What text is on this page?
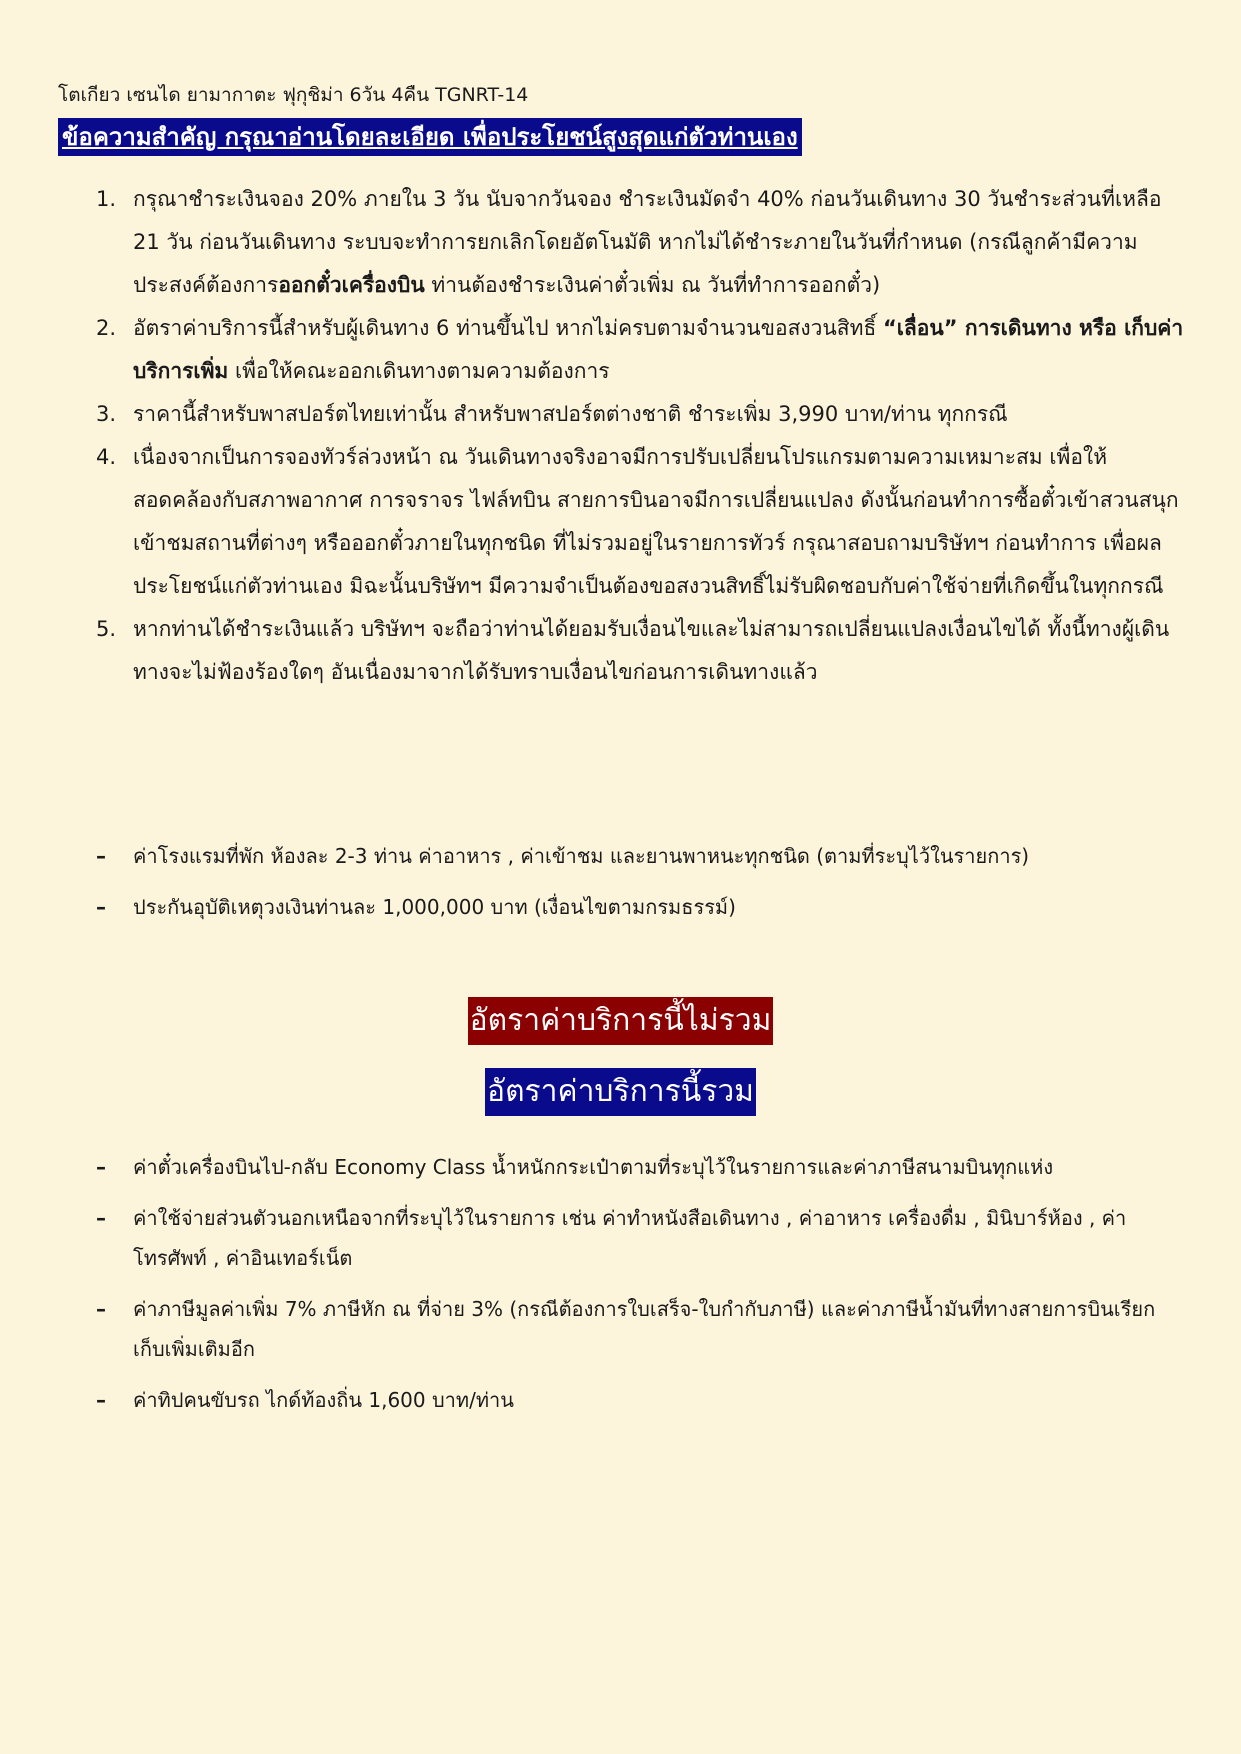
โตเกียว เซนได ยามากาตะ ฟุกุชิม่า 6วัน 4คืน TGNRT-14
ข้อความสำคัญ กรุณาอ่านโดยละเอียด เพื่อประโยชน์สูงสุดแก่ตัวท่านเอง
1. กรุณาชำระเงินจอง 20% ภายใน 3 วัน นับจากวันจอง ชำระเงินมัดจำ 40% ก่อนวันเดินทาง 30 วันชำระส่วนที่เหลือ 21 วัน ก่อนวันเดินทาง ระบบจะทำการยกเลิกโดยอัตโนมัติ หากไม่ได้ชำระภายในวันที่กำหนด (กรณีลูกค้ามีความประสงค์ต้องการออกตั๋วเครื่องบิน ท่านต้องชำระเงินค่าตั๋วเพิ่ม ณ วันที่ทำการออกตั๋ว)
2. อัตราค่าบริการนี้สำหรับผู้เดินทาง 6 ท่านขึ้นไป หากไม่ครบตามจำนวนขอสงวนสิทธิ์ “เลื่อน” การเดินทาง หรือ เก็บค่าบริการเพิ่ม เพื่อให้คณะออกเดินทางตามความต้องการ
3. ราคานี้สำหรับพาสปอร์ตไทยเท่านั้น สำหรับพาสปอร์ตต่างชาติ ชำระเพิ่ม 3,990 บาท/ท่าน ทุกกรณี
4. เนื่องจากเป็นการจองทัวร์ล่วงหน้า ณ วันเดินทางจริงอาจมีการปรับเปลี่ยนโปรแกรมตามความเหมาะสม เพื่อให้สอดคล้องกับสภาพอากาศ การจราจร ไฟล์ทบิน สายการบินอาจมีการเปลี่ยนแปลง ดังนั้นก่อนทำการซื้อตั๋วเข้าสวนสนุก เข้าชมสถานที่ต่างๆ หรือออกตั๋วภายในทุกชนิด ที่ไม่รวมอยู่ในรายการทัวร์ กรุณาสอบถามบริษัทฯ ก่อนทำการ เพื่อผลประโยชน์แก่ตัวท่านเอง มิฉะนั้นบริษัทฯ มีความจำเป็นต้องขอสงวนสิทธิ์ไม่รับผิดชอบกับค่าใช้จ่ายที่เกิดขึ้นในทุกกรณี
5. หากท่านได้ชำระเงินแล้ว บริษัทฯ จะถือว่าท่านได้ยอมรับเงื่อนไขและไม่สามารถเปลี่ยนแปลงเงื่อนไขได้ ทั้งนี้ทางผู้เดินทางจะไม่ฟ้องร้องใดๆ อันเนื่องมาจากได้รับทราบเงื่อนไขก่อนการเดินทางแล้ว
– ค่าโรงแรมที่พัก ห้องละ 2-3 ท่าน ค่าอาหาร , ค่าเข้าชม และยานพาหนะทุกชนิด (ตามที่ระบุไว้ในรายการ)
– ประกันอุบัติเหตุวงเงินท่านละ 1,000,000 บาท (เงื่อนไขตามกรมธรรม์)
อัตราค่าบริการนี้ไม่รวม
อัตราค่าบริการนี้รวม
– ค่าตั๋วเครื่องบินไป-กลับ Economy Class น้ำหนักกระเป๋าตามที่ระบุไว้ในรายการและค่าภาษีสนามบินทุกแห่ง
– ค่าใช้จ่ายส่วนตัวนอกเหนือจากที่ระบุไว้ในรายการ เช่น ค่าทำหนังสือเดินทาง , ค่าอาหาร เครื่องดื่ม , มินิบาร์ห้อง , ค่าโทรศัพท์ , ค่าอินเทอร์เน็ต
– ค่าภาษีมูลค่าเพิ่ม 7% ภาษีหัก ณ ที่จ่าย 3% (กรณีต้องการใบเสร็จ-ใบกำกับภาษี) และค่าภาษีน้ำมันที่ทางสายการบินเรียกเก็บเพิ่มเติมอีก
– ค่าทิปคนขับรถ ไกด์ท้องถิ่น 1,600 บาท/ท่าน
